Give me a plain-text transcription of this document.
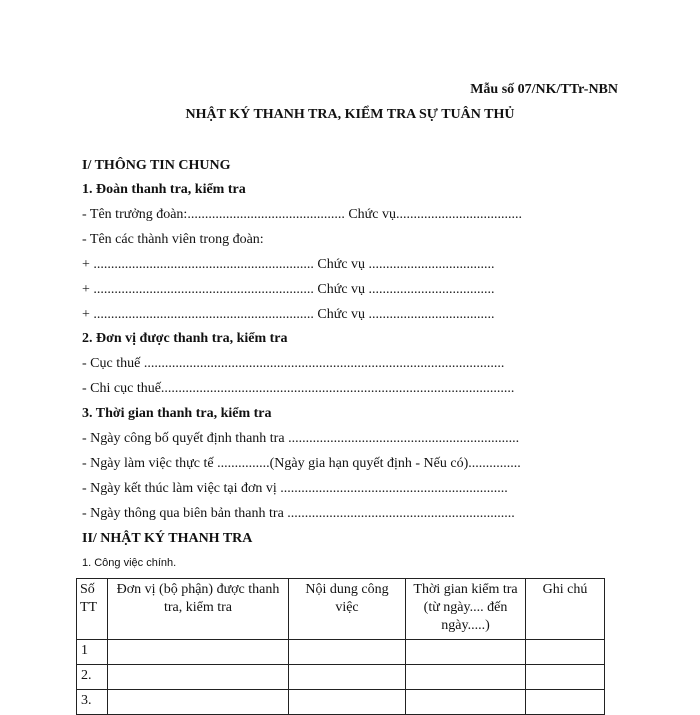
Mẫu số 07/NK/TTr-NBN
NHẬT KÝ THANH TRA, KIỂM TRA SỰ TUÂN THỦ
I/ THÔNG TIN CHUNG
1. Đoàn thanh tra, kiểm tra
- Tên trưởng đoàn:............................................. Chức vụ....................................
- Tên các thành viên trong đoàn:
+ ............................................................... Chức vụ ....................................
+ ............................................................... Chức vụ ....................................
+ ............................................................... Chức vụ ....................................
2. Đơn vị được thanh tra, kiểm tra
- Cục thuế .......................................................................................................
- Chi cục thuế.....................................................................................................
3. Thời gian thanh tra, kiểm tra
- Ngày công bố quyết định thanh tra ..................................................................
- Ngày làm việc thực tế ...............(Ngày gia hạn quyết định - Nếu có)...............
- Ngày kết thúc làm việc tại đơn vị .................................................................
- Ngày thông qua biên bản thanh tra .................................................................
II/ NHẬT KÝ THANH TRA
1. Công việc chính.
Số TT	Đơn vị (bộ phận) được thanh tra, kiểm tra	Nội dung công việc	Thời gian kiểm tra (từ ngày.... đến ngày.....)	Ghi chú
1				
2.				
3.				
